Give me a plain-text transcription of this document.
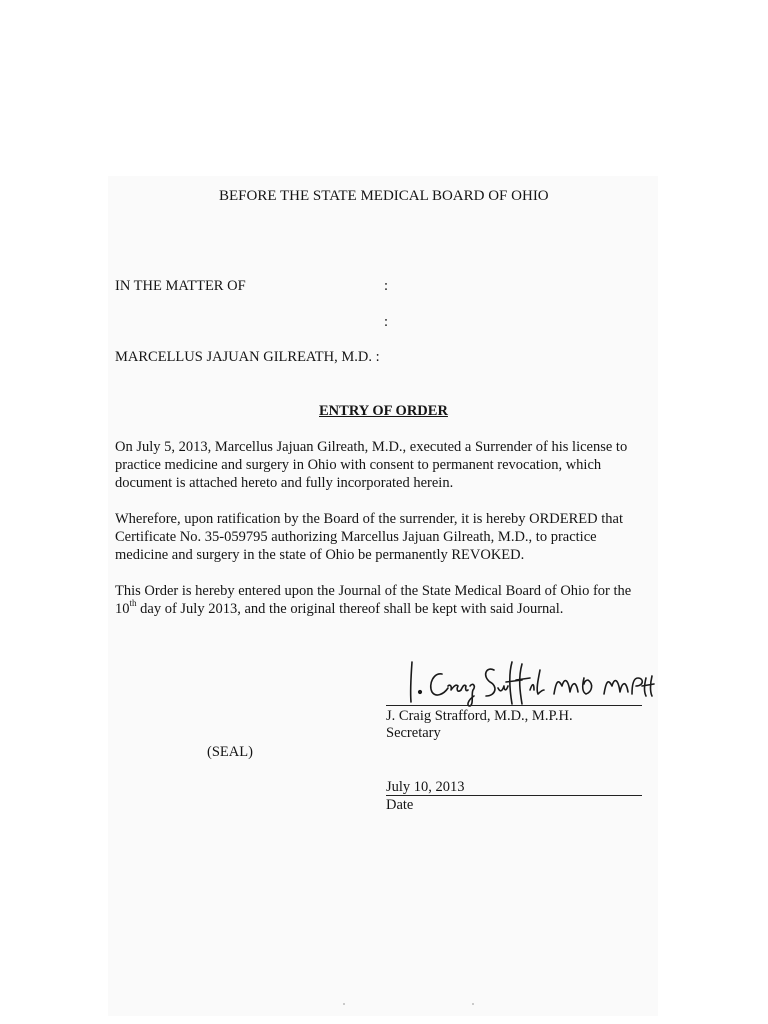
BEFORE THE STATE MEDICAL BOARD OF OHIO
IN THE MATTER OF	:
:
MARCELLUS JAJUAN GILREATH, M.D. :
ENTRY OF ORDER
On July 5, 2013, Marcellus Jajuan Gilreath, M.D., executed a Surrender of his license to
practice medicine and surgery in Ohio with consent to permanent revocation, which
document is attached hereto and fully incorporated herein.
Wherefore, upon ratification by the Board of the surrender, it is hereby ORDERED that
Certificate No. 35-059795 authorizing Marcellus Jajuan Gilreath, M.D., to practice
medicine and surgery in the state of Ohio be permanently REVOKED.
This Order is hereby entered upon the Journal of the State Medical Board of Ohio for the
10th day of July 2013, and the original thereof shall be kept with said Journal.
J. Craig Strafford, M.D., M.P.H.
Secretary
(SEAL)
July 10, 2013
Date
